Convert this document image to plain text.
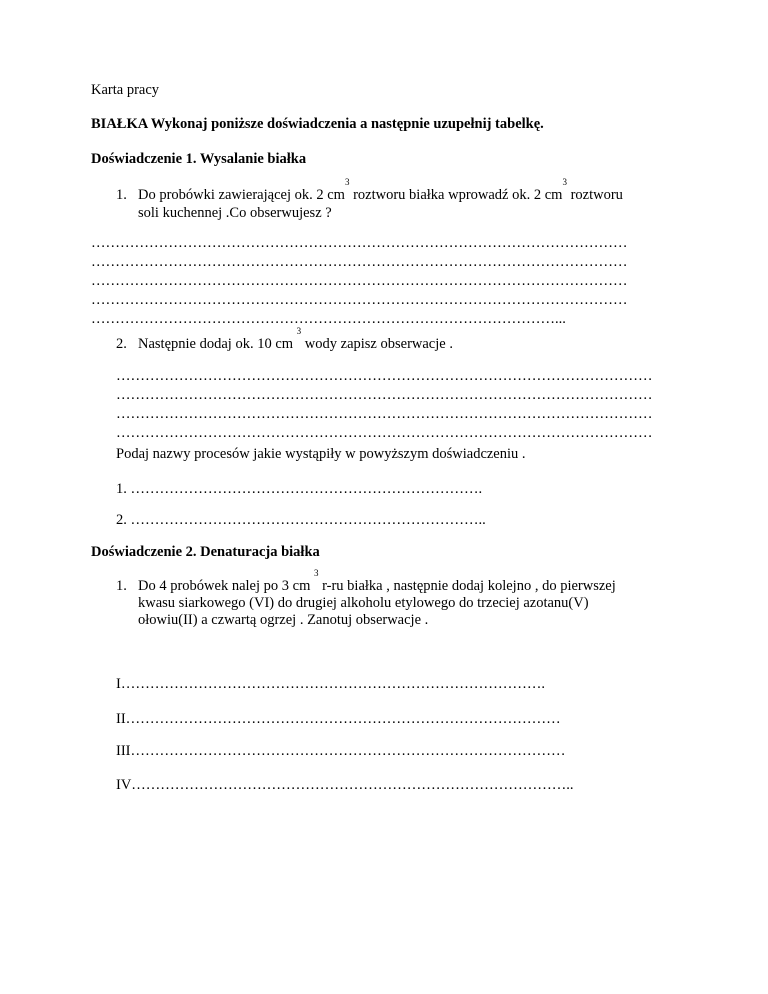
Karta pracy
BIAŁKA Wykonaj poniższe doświadczenia a następnie uzupełnij tabelkę.
Doświadczenie 1. Wysalanie białka
1. Do probówki zawierającej ok. 2 $cm^3$ roztworu białka wprowadź ok. 2 $cm^3$ roztworu
soli kuchennej .Co obserwujesz ?
…………………………………………………………………………………………………
…………………………………………………………………………………………………
…………………………………………………………………………………………………
…………………………………………………………………………………………………
……………………………………………………………………………………...
2. Następnie dodaj ok. 10 cm $^3$ wody zapisz obserwacje .
…………………………………………………………………………………………………
…………………………………………………………………………………………………
…………………………………………………………………………………………………
…………………………………………………………………………………………………
Podaj nazwy procesów jakie wystąpiły w powyższym doświadczeniu .
1. ……………………………………………………………….
2. ………………………………………………………………..
Doświadczenie 2. Denaturacja białka
1. Do 4 probówek nalej po 3 cm $^3$ r-ru białka , następnie dodaj kolejno , do pierwszej
kwasu siarkowego (VI) do drugiej alkoholu etylowego do trzeciej azotanu(V)
ołowiu(II) a czwartą ogrzej . Zanotuj obserwacje .
I…………………………………………………………………………….
II………………………………………………………………………………
III………………………………………………………………………………
IV………………………………………………………………………………..
